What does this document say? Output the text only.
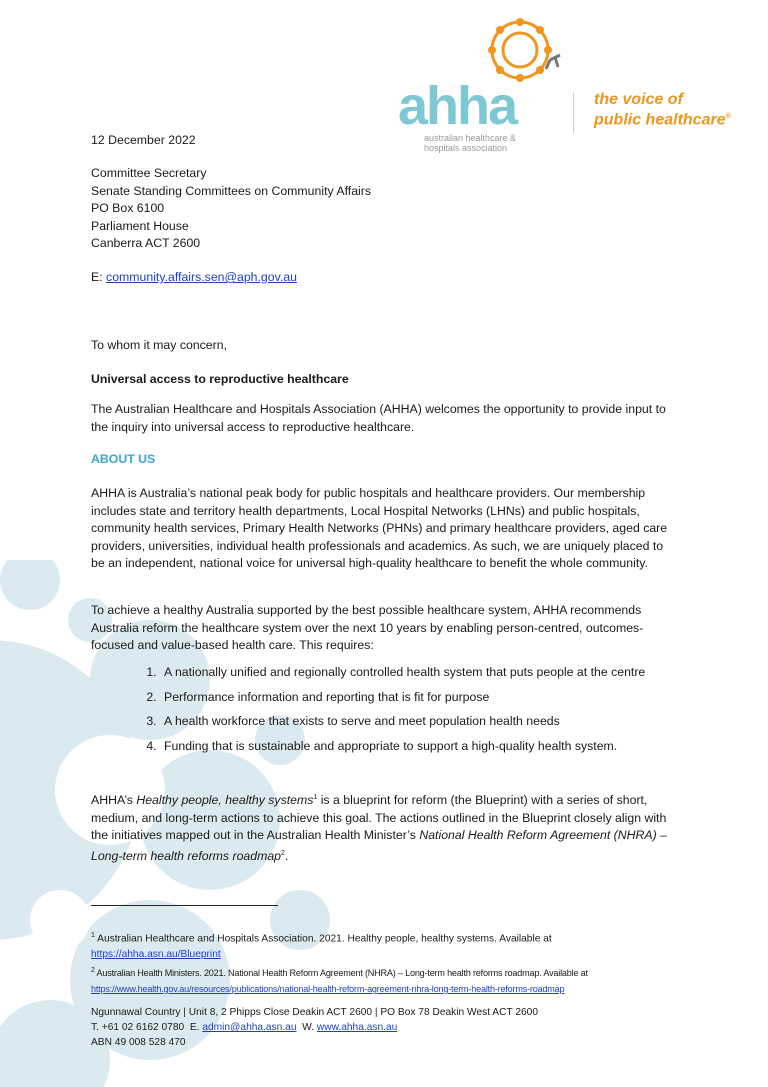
ahha
australian healthcare &
hospitals association
the voice of
public healthcare®
12 December 2022
Committee Secretary
Senate Standing Committees on Community Affairs
PO Box 6100
Parliament House
Canberra ACT 2600
E: community.affairs.sen@aph.gov.au
To whom it may concern,
Universal access to reproductive healthcare
The Australian Healthcare and Hospitals Association (AHHA) welcomes the opportunity to provide input to the inquiry into universal access to reproductive healthcare.
ABOUT US
AHHA is Australia’s national peak body for public hospitals and healthcare providers. Our membership includes state and territory health departments, Local Hospital Networks (LHNs) and public hospitals, community health services, Primary Health Networks (PHNs) and primary healthcare providers, aged care providers, universities, individual health professionals and academics. As such, we are uniquely placed to be an independent, national voice for universal high-quality healthcare to benefit the whole community.
To achieve a healthy Australia supported by the best possible healthcare system, AHHA recommends Australia reform the healthcare system over the next 10 years by enabling person-centred, outcomes-focused and value-based health care. This requires:
1. A nationally unified and regionally controlled health system that puts people at the centre
2. Performance information and reporting that is fit for purpose
3. A health workforce that exists to serve and meet population health needs
4. Funding that is sustainable and appropriate to support a high-quality health system.
AHHA’s Healthy people, healthy systems$^1$ is a blueprint for reform (the Blueprint) with a series of short, medium, and long-term actions to achieve this goal. The actions outlined in the Blueprint closely align with the initiatives mapped out in the Australian Health Minister’s National Health Reform Agreement (NHRA) – Long-term health reforms roadmap$^2$.
$^1$ Australian Healthcare and Hospitals Association. 2021. Healthy people, healthy systems. Available at
https://ahha.asn.au/Blueprint
$^2$ Australian Health Ministers. 2021. National Health Reform Agreement (NHRA) – Long-term health reforms roadmap. Available at
https://www.health.gov.au/resources/publications/national-health-reform-agreement-nhra-long-term-health-reforms-roadmap
Ngunnawal Country | Unit 8, 2 Phipps Close Deakin ACT 2600 | PO Box 78 Deakin West ACT 2600
T. +61 02 6162 0780  E. admin@ahha.asn.au  W. www.ahha.asn.au
ABN 49 008 528 470
